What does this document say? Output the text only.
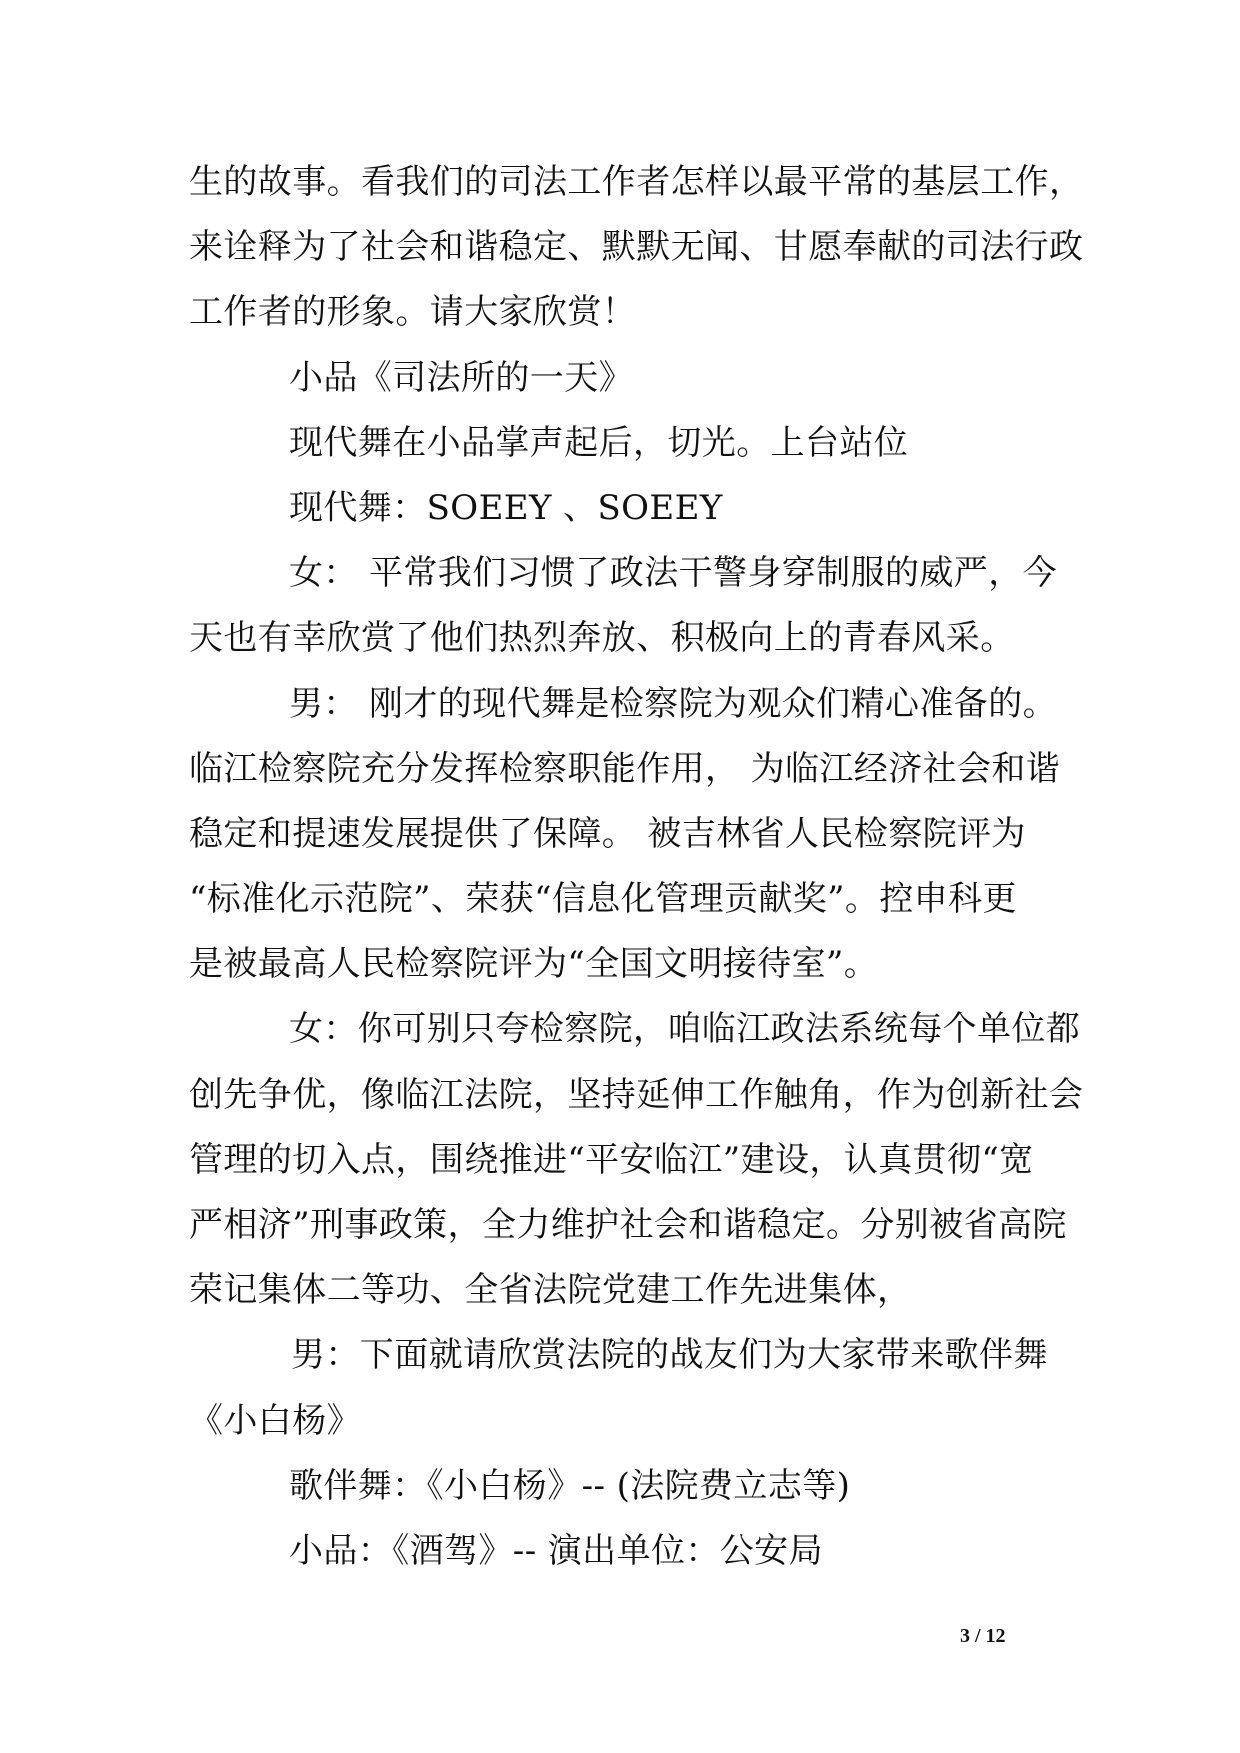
生的故事。看我们的司法工作者怎样以最平常的基层工作，
来诠释为了社会和谐稳定、默默无闻、甘愿奉献的司法行政
工作者的形象。请大家欣赏！
小品《司法所的一天》
现代舞在小品掌声起后，切光。上台站位
现代舞：SOEEY 、SOEEY
女： 平常我们习惯了政法干警身穿制服的威严，今
天也有幸欣赏了他们热烈奔放、积极向上的青春风采。
男： 刚才的现代舞是检察院为观众们精心准备的。
临江检察院充分发挥检察职能作用， 为临江经济社会和谐
稳定和提速发展提供了保障。 被吉林省人民检察院评为
“标准化示范院”、荣获“信息化管理贡献奖”。控申科更
是被最高人民检察院评为“全国文明接待室”。
女：你可别只夸检察院，咱临江政法系统每个单位都
创先争优，像临江法院，坚持延伸工作触角，作为创新社会
管理的切入点，围绕推进“平安临江”建设，认真贯彻“宽
严相济”刑事政策，全力维护社会和谐稳定。分别被省高院
荣记集体二等功、全省法院党建工作先进集体，
男：下面就请欣赏法院的战友们为大家带来歌伴舞
《小白杨》
歌伴舞：《小白杨》-- (法院费立志等)
小品：《酒驾》-- 演出单位：公安局
3 / 12
